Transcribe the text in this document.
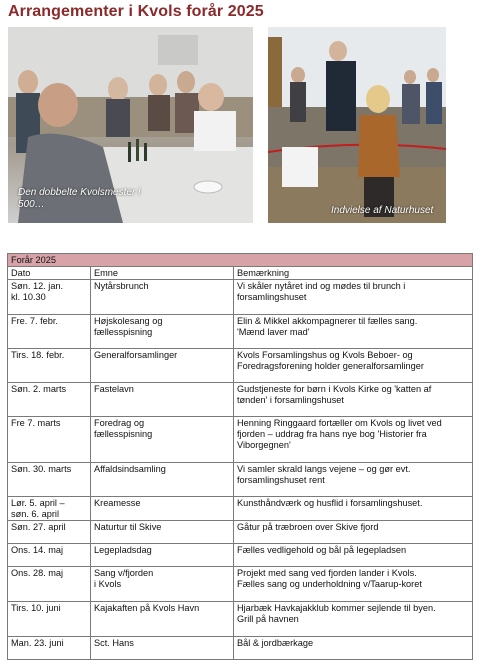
Arrangementer i Kvols forår 2025
Den dobbelte Kvolsmester i 500…
Indvielse af Naturhuset
Forår 2025		
Dato	Emne	Bemærkning
Søn. 12. jan.
kl. 10.30	Nytårsbrunch	Vi skåler nytåret ind og mødes til brunch i
forsamlingshuset
Fre. 7. febr.	Højskolesang og
fællesspisning	Elin & Mikkel akkompagnerer til fælles sang.
'Mænd laver mad'
Tirs. 18. febr.	Generalforsamlinger	Kvols Forsamlingshus og Kvols Beboer- og
Foredragsforening holder generalforsamlinger
Søn. 2. marts	Fastelavn	Gudstjeneste for børn i Kvols Kirke og 'katten af
tønden' i forsamlingshuset
Fre 7. marts	Foredrag og
fællesspisning	Henning Ringgaard fortæller om Kvols og livet ved
fjorden – uddrag fra hans nye bog 'Historier fra
Viborgegnen'
Søn. 30. marts	Affaldsindsamling	Vi samler skrald langs vejene – og gør evt.
forsamlingshuset rent
Lør. 5. april –
søn. 6. april	Kreamesse	Kunsthåndværk og husflid i forsamlingshuset.
Søn. 27. april	Naturtur til Skive	Gåtur på træbroen over Skive fjord
Ons. 14. maj	Legepladsdag	Fælles vedligehold og bål på legepladsen
Ons. 28. maj	Sang v/fjorden
i Kvols	Projekt med sang ved fjorden lander i Kvols.
Fælles sang og underholdning v/Taarup-koret
Tirs. 10. juni	Kajakaften på Kvols Havn	Hjarbæk Havkajakklub kommer sejlende til byen.
Grill på havnen
Man. 23. juni	Sct. Hans	Bål & jordbærkage
